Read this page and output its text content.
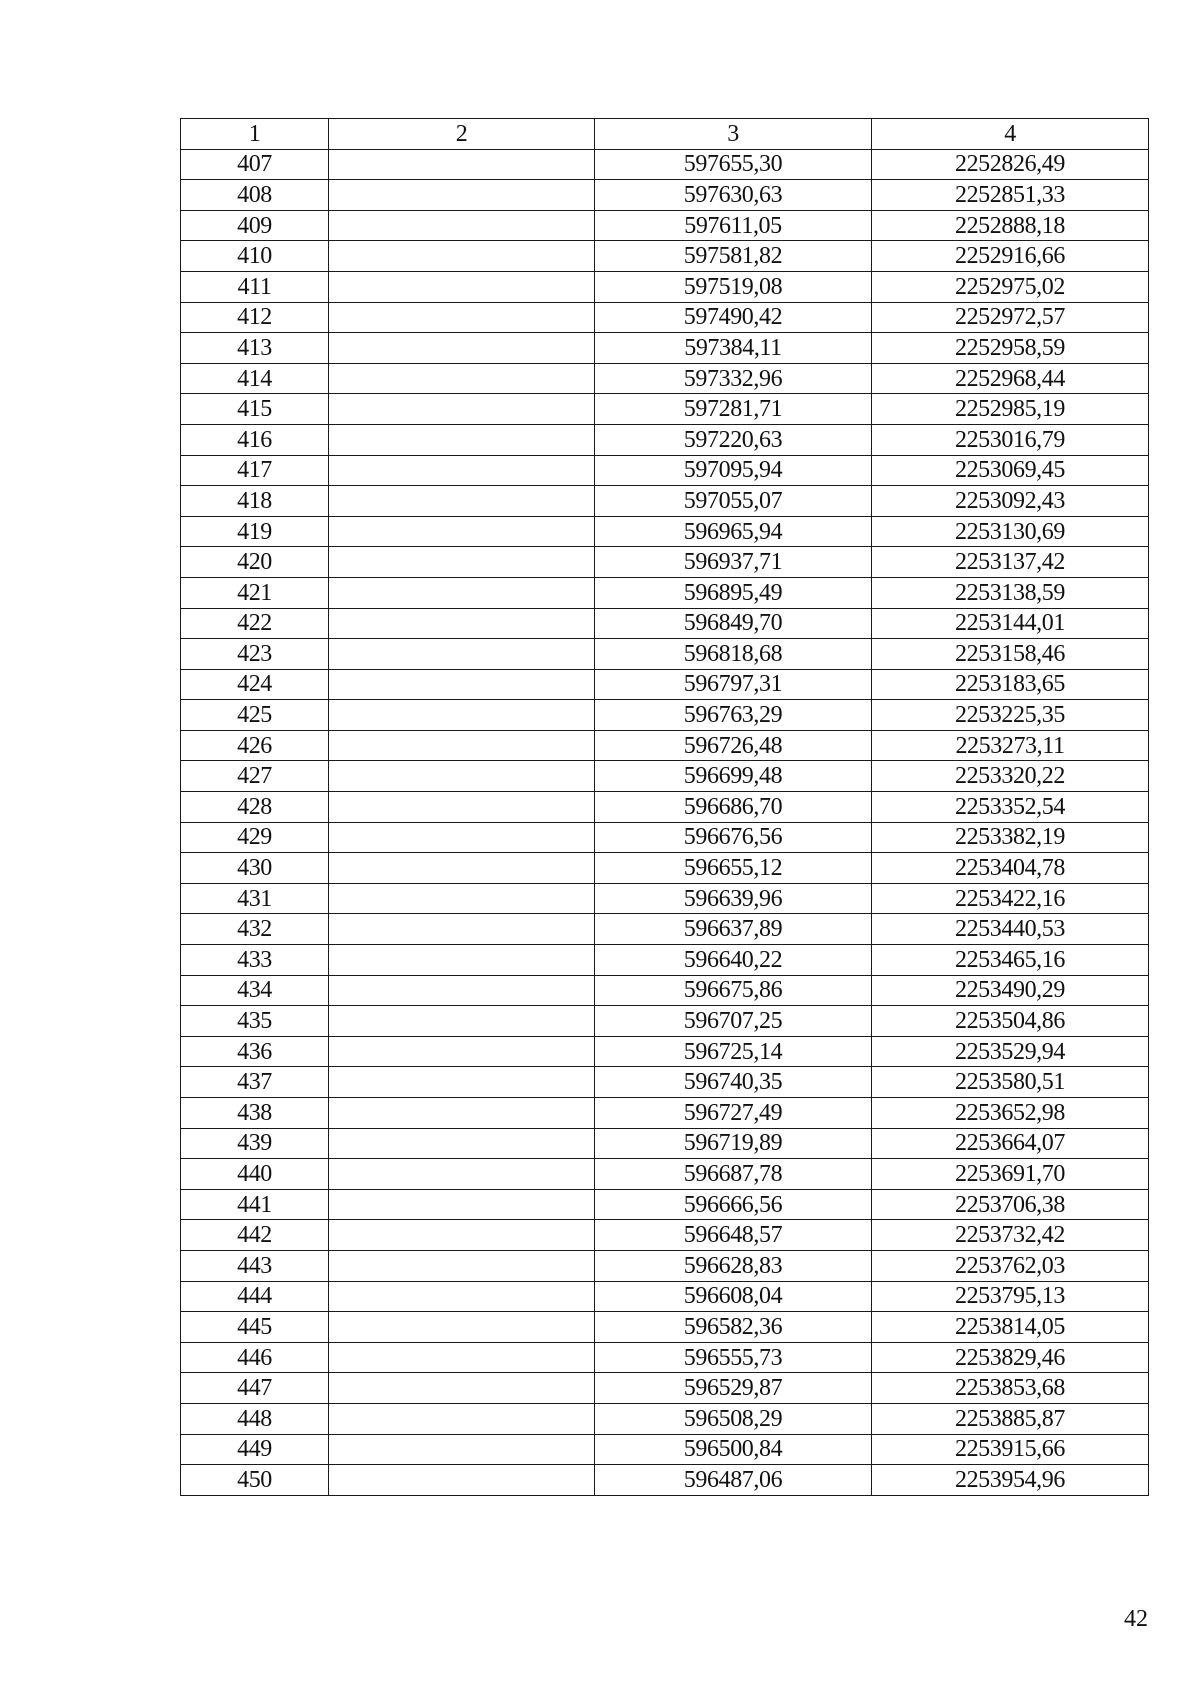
1	2	3	4
407		597655,30	2252826,49
408		597630,63	2252851,33
409		597611,05	2252888,18
410		597581,82	2252916,66
411		597519,08	2252975,02
412		597490,42	2252972,57
413		597384,11	2252958,59
414		597332,96	2252968,44
415		597281,71	2252985,19
416		597220,63	2253016,79
417		597095,94	2253069,45
418		597055,07	2253092,43
419		596965,94	2253130,69
420		596937,71	2253137,42
421		596895,49	2253138,59
422		596849,70	2253144,01
423		596818,68	2253158,46
424		596797,31	2253183,65
425		596763,29	2253225,35
426		596726,48	2253273,11
427		596699,48	2253320,22
428		596686,70	2253352,54
429		596676,56	2253382,19
430		596655,12	2253404,78
431		596639,96	2253422,16
432		596637,89	2253440,53
433		596640,22	2253465,16
434		596675,86	2253490,29
435		596707,25	2253504,86
436		596725,14	2253529,94
437		596740,35	2253580,51
438		596727,49	2253652,98
439		596719,89	2253664,07
440		596687,78	2253691,70
441		596666,56	2253706,38
442		596648,57	2253732,42
443		596628,83	2253762,03
444		596608,04	2253795,13
445		596582,36	2253814,05
446		596555,73	2253829,46
447		596529,87	2253853,68
448		596508,29	2253885,87
449		596500,84	2253915,66
450		596487,06	2253954,96
42
